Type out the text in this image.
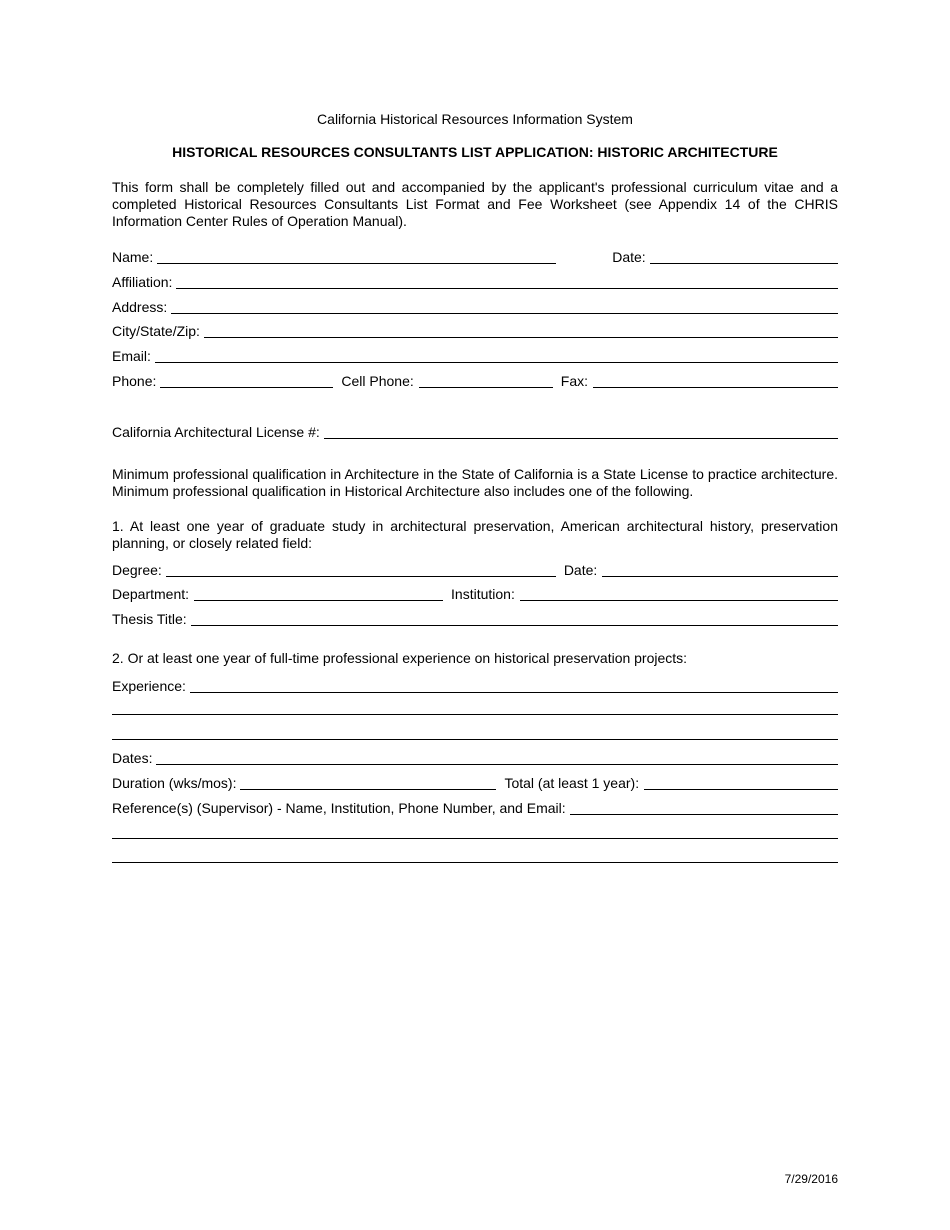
California Historical Resources Information System
HISTORICAL RESOURCES CONSULTANTS LIST APPLICATION: HISTORIC ARCHITECTURE
This form shall be completely filled out and accompanied by the applicant's professional curriculum vitae and a completed Historical Resources Consultants List Format and Fee Worksheet (see Appendix 14 of the CHRIS Information Center Rules of Operation Manual).
Name:	Date:
Affiliation:
Address:
City/State/Zip:
Email:
Phone:	Cell Phone:	Fax:
California Architectural License #:
Minimum professional qualification in Architecture in the State of California is a State License to practice architecture. Minimum professional qualification in Historical Architecture also includes one of the following.
1. At least one year of graduate study in architectural preservation, American architectural history, preservation planning, or closely related field:
Degree:	Date:
Department:	Institution:
Thesis Title:
2. Or at least one year of full-time professional experience on historical preservation projects:
Experience:
Dates:
Duration (wks/mos):	Total (at least 1 year):
Reference(s) (Supervisor) - Name, Institution, Phone Number, and Email:
7/29/2016
